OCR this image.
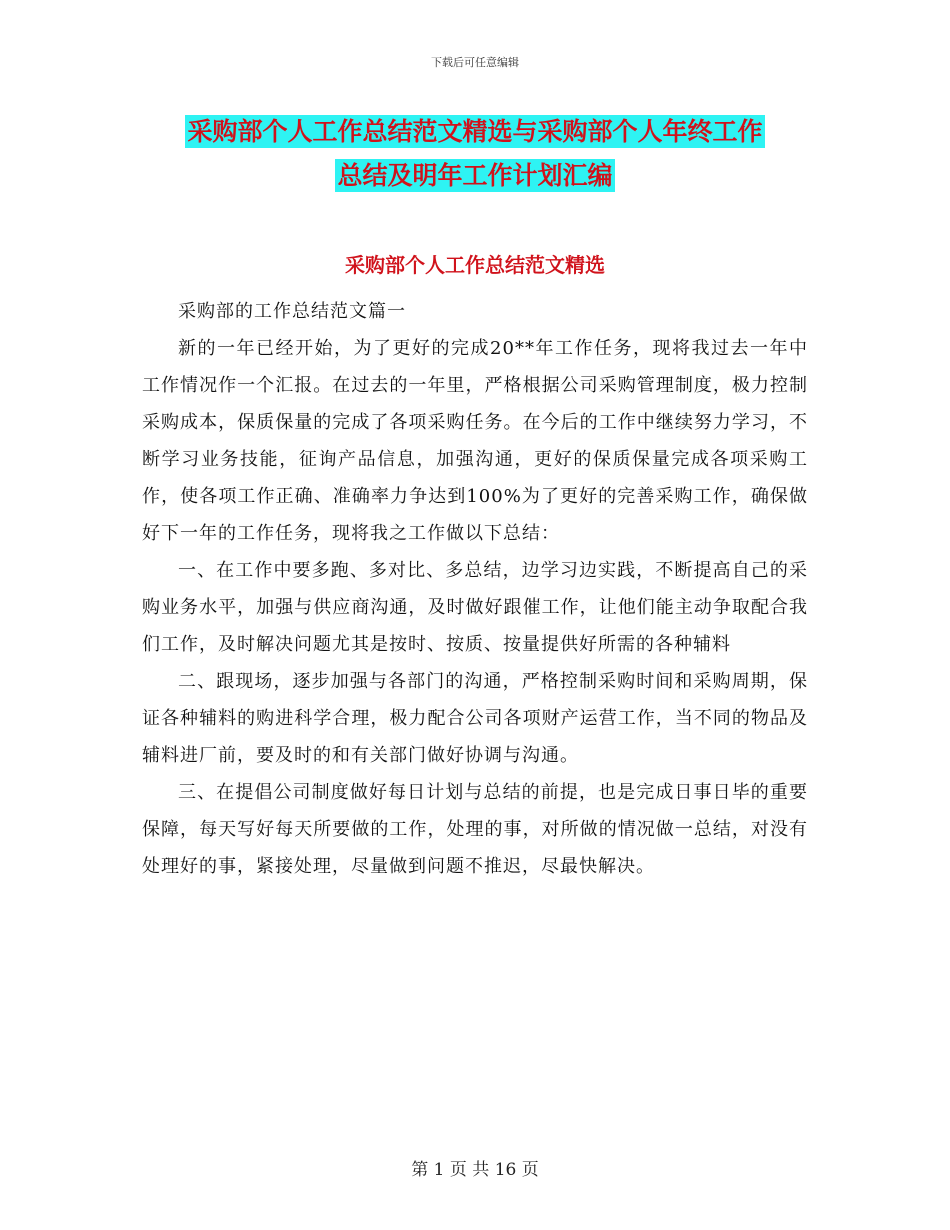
下载后可任意编辑
采购部个人工作总结范文精选与采购部个人年终工作
总结及明年工作计划汇编
采购部个人工作总结范文精选

采购部的工作总结范文篇一

新的一年已经开始，为了更好的完成20**年工作任务，现将我过去一年中工作情况作一个汇报。在过去的一年里，严格根据公司采购管理制度，极力控制采购成本，保质保量的完成了各项采购任务。在今后的工作中继续努力学习，不断学习业务技能，征询产品信息，加强沟通，更好的保质保量完成各项采购工作，使各项工作正确、准确率力争达到100%为了更好的完善采购工作，确保做好下一年的工作任务，现将我之工作做以下总结：

一、在工作中要多跑、多对比、多总结，边学习边实践，不断提高自己的采购业务水平，加强与供应商沟通，及时做好跟催工作，让他们能主动争取配合我们工作，及时解决问题尤其是按时、按质、按量提供好所需的各种辅料

二、跟现场，逐步加强与各部门的沟通，严格控制采购时间和采购周期，保证各种辅料的购进科学合理，极力配合公司各项财产运营工作，当不同的物品及辅料进厂前，要及时的和有关部门做好协调与沟通。

三、在提倡公司制度做好每日计划与总结的前提，也是完成日事日毕的重要保障，每天写好每天所要做的工作，处理的事，对所做的情况做一总结，对没有处理好的事，紧接处理，尽量做到问题不推迟，尽最快解决。

第 1 页 共 16 页
